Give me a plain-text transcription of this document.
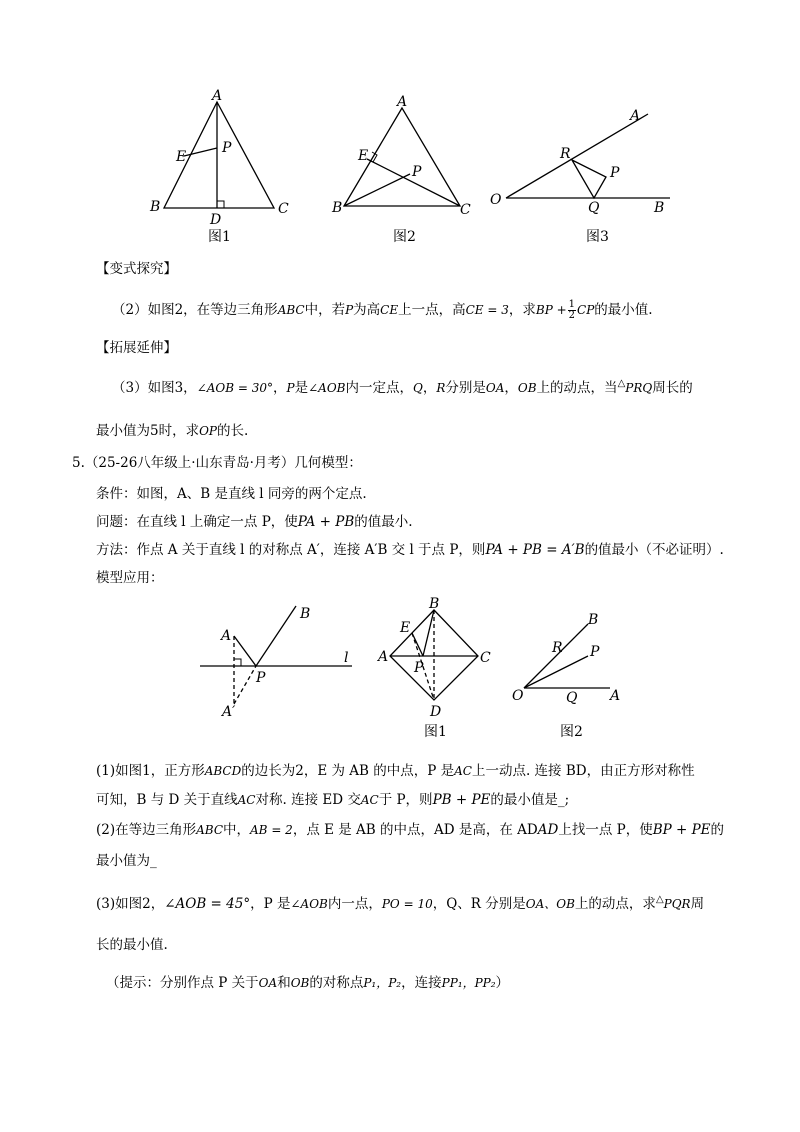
A
E
P
B
D
C
图1
A
E
P
B	C
图2
A
R
P
O	Q	B
图3
【变式探究】
（2）如图2，在等边三角形ABC中，若P为高CE上一点，高CE = 3，求BP + $\frac{1}{2}$ CP的最小值.
【拓展延伸】
（3）如图3，∠AOB = 30°，P是∠AOB内一定点，Q，R分别是OA，OB上的动点，当△PRQ周长的
最小值为5时，求OP的长.
5.（25-26八年级上·山东青岛·月考）几何模型：
条件：如图，A、B 是直线 l 同旁的两个定点.
问题：在直线 l 上确定一点 P，使PA + PB的值最小.
方法：作点 A 关于直线 l 的对称点 A′，连接 A′B 交 l 于点 P，则PA + PB = A′B的值最小（不必证明）.
模型应用：
B
A
l
P
A′
B
E
A
P
C
D
图1
B
R P
O	Q A
图2
(1)如图1，正方形ABCD的边长为2，E 为 AB 的中点，P 是AC上一动点. 连接 BD，由正方形对称性
可知，B 与 D 关于直线AC对称. 连接 ED 交AC于 P，则PB + PE的最小值是_;
(2)在等边三角形ABC中，AB = 2，点 E 是 AB 的中点，AD 是高，在 ADAD上找一点 P，使BP + PE的
最小值为_
(3)如图2，∠AOB = 45°，P 是∠AOB内一点，PO = 10，Q、R 分别是OA、OB上的动点，求△PQR周
长的最小值.
（提示：分别作点 P 关于OA和OB的对称点P₁，P₂，连接PP₁，PP₂）
